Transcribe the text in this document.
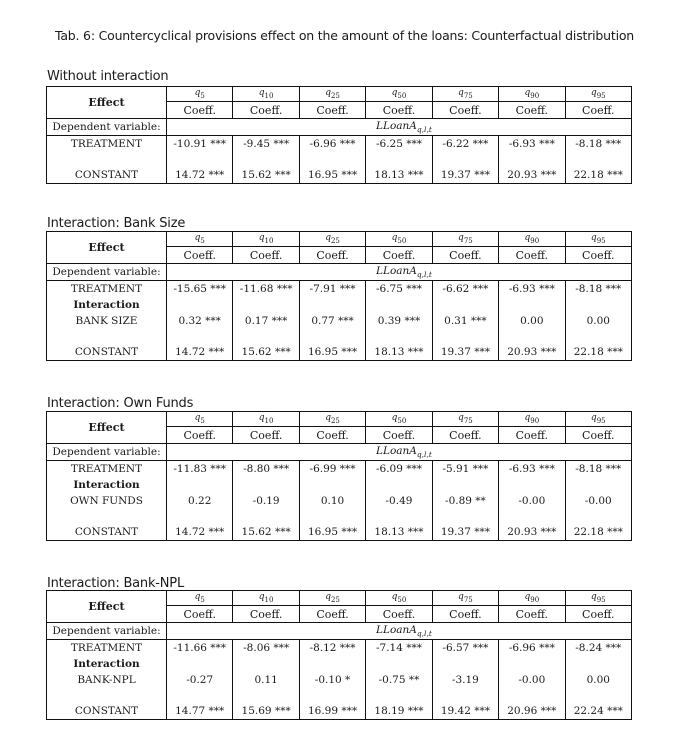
Tab. 6: Countercyclical provisions effect on the amount of the loans: Counterfactual distribution
Without interaction
Effect	$q_5$	$q_{10}$	$q_{25}$	$q_{50}$	$q_{75}$	$q_{90}$	$q_{95}$
	Coeff.	Coeff.	Coeff.	Coeff.	Coeff.	Coeff.	Coeff.
Dependent variable:	LLoanA$_{q,l,t}$
TREATMENT	-10.91 ***	-9.45 ***	-6.96 ***	-6.25 ***	-6.22 ***	-6.93 ***	-8.18 ***

CONSTANT	14.72 ***	15.62 ***	16.95 ***	18.13 ***	19.37 ***	20.93 ***	22.18 ***
Interaction: Bank Size
Effect	$q_5$	$q_{10}$	$q_{25}$	$q_{50}$	$q_{75}$	$q_{90}$	$q_{95}$
	Coeff.	Coeff.	Coeff.	Coeff.	Coeff.	Coeff.	Coeff.
Dependent variable:	LLoanA$_{q,l,t}$
TREATMENT	-15.65 ***	-11.68 ***	-7.91 ***	-6.75 ***	-6.62 ***	-6.93 ***	-8.18 ***
Interaction							
BANK SIZE	0.32 ***	0.17 ***	0.77 ***	0.39 ***	0.31 ***	0.00	0.00

CONSTANT	14.72 ***	15.62 ***	16.95 ***	18.13 ***	19.37 ***	20.93 ***	22.18 ***
Interaction: Own Funds
Effect	$q_5$	$q_{10}$	$q_{25}$	$q_{50}$	$q_{75}$	$q_{90}$	$q_{95}$
	Coeff.	Coeff.	Coeff.	Coeff.	Coeff.	Coeff.	Coeff.
Dependent variable:	LLoanA$_{q,l,t}$
TREATMENT	-11.83 ***	-8.80 ***	-6.99 ***	-6.09 ***	-5.91 ***	-6.93 ***	-8.18 ***
Interaction							
OWN FUNDS	0.22	-0.19	0.10	-0.49	-0.89 **	-0.00	-0.00

CONSTANT	14.72 ***	15.62 ***	16.95 ***	18.13 ***	19.37 ***	20.93 ***	22.18 ***
Interaction: Bank-NPL
Effect	$q_5$	$q_{10}$	$q_{25}$	$q_{50}$	$q_{75}$	$q_{90}$	$q_{95}$
	Coeff.	Coeff.	Coeff.	Coeff.	Coeff.	Coeff.	Coeff.
Dependent variable:	LLoanA$_{q,l,t}$
TREATMENT	-11.66 ***	-8.06 ***	-8.12 ***	-7.14 ***	-6.57 ***	-6.96 ***	-8.24 ***
Interaction							
BANK-NPL	-0.27	0.11	-0.10 *	-0.75 **	-3.19	-0.00	0.00

CONSTANT	14.77 ***	15.69 ***	16.99 ***	18.19 ***	19.42 ***	20.96 ***	22.24 ***
